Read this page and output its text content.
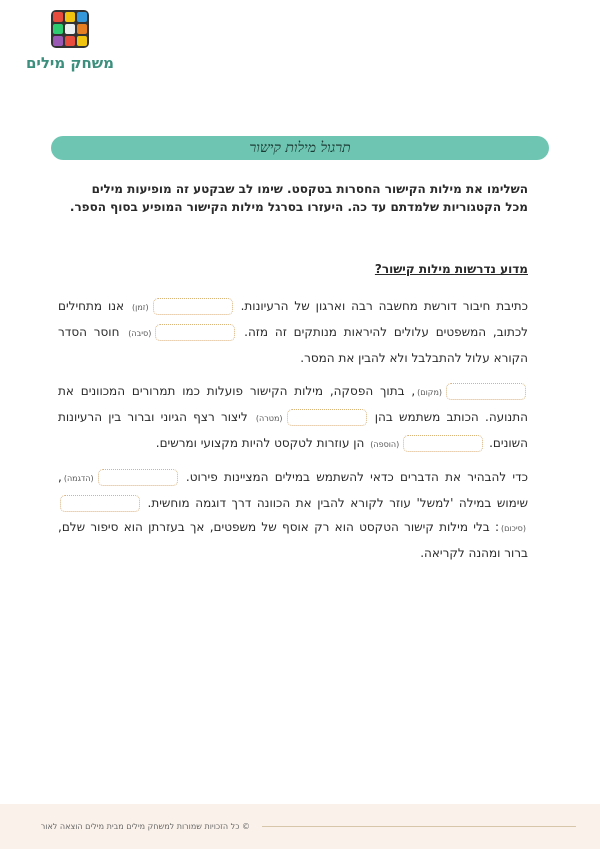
משחק מילים
תרגול מילות קישור

השלימו את מילות הקישור החסרות בטקסט. שימו לב שבקטע זה מופיעות מילים מכל הקטגוריות שלמדתם עד כה. היעזרו בסרגל מילות הקישור המופיע בסוף הספר.

מדוע נדרשות מילות קישור?

כתיבת חיבור דורשת מחשבה רבה וארגון של הרעיונות. (זמן) אנו מתחילים לכתוב, המשפטים עלולים להיראות מנותקים זה מזה. (סיבה) חוסר הסדר הקורא עלול להתבלבל ולא להבין את המסר.

(מקום), בתוך הפסקה, מילות הקישור פועלות כמו תמרורים המכוונים את התנועה. הכותב משתמש בהן (מטרה) ליצור רצף הגיוני וברור בין הרעיונות השונים. (הוספה) הן עוזרות לטקסט להיות מקצועי ומרשים.

כדי להבהיר את הדברים כדאי להשתמש במילים המציינות פירוט. (הדגמה), שימוש במילה 'למשל' עוזר לקורא להבין את הכוונה דרך דוגמה מוחשית. (סיכום): בלי מילות קישור הטקסט הוא רק אוסף של משפטים, אך בעזרתן הוא סיפור שלם, ברור ומהנה לקריאה.

© כל הזכויות שמורות למשחק מילים מבית מילים הוצאה לאור
